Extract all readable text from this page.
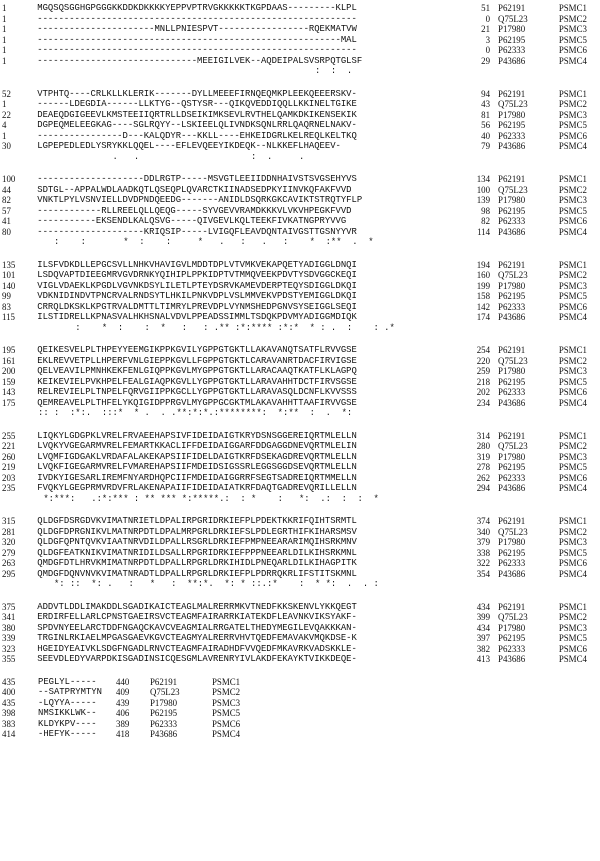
1	MGQSQSGGHGPGGGKKDDKDKKKKYEPPVPTRVGKKKKKTKGPDAAS---------KLPL	51 P62191	PSMC1
1	------------------------------------------------------------	0 Q75L23	PSMC2
1	----------------------MNLLPNIESPVT-----------------RQEKMATVW	21 P17980	PSMC3
1	---------------------------------------------------------MAL	3 P62195	PSMC5
1	------------------------------------------------------------	0 P62333	PSMC6
1	------------------------------MEEIGILVEK--AQDEIPALSVSRPQTGLSF	29 P43686	PSMC4
:  :  .
52	VTPHTQ----CRLKLLKLERIK-------DYLLMEEEFIRNQEQMKPLEEKQEEERSKV-	94 P62191	PSMC1
1	------LDEGDIA------LLKTYG--QSTYSR---QIKQVEDDIQQLLKKINELTGIKE	43 Q75L23	PSMC2
22	DEAEQDGIGEEVLKMSTEEIIQRTRLLDSEIKIMKSEVLRVTHELQAMKDKIKENSEKIK	81 P17980	PSMC3
4	DGPEQMELEEGKAG----SGLRQYY--LSKIEELQLIVNDKSQNLRRLQAQRNELNAKV-	56 P62195	PSMC5
1	----------------D---KALQDYR---KKLL----EHKEIDGRLKELREQLKELTKQ	40 P62333	PSMC6
30	LGPEPEDLEDLYSRYKKLQQEL----EFLEVQEEYIKDEQK--NLKKEFLHAQEEV-	79 P43686	PSMC4
.   .                     :  .     .
100	--------------------DDLRGTP-----MSVGTLEEIIDDNHAIVSTSVGSEHYVS	134 P62191	PSMC1
44	SDTGL--APPALWDLAADKQTLQSEQPLQVARCTKIINADSEDPKYIINVKQFAKFVVD	100 Q75L23	PSMC2
82	VNKTLPYLVSNVIELLDVDPNDQEEDG-------ANIDLDSQRKGKCAVIKTSTRQTYFLP	139 P17980	PSMC3
57	------------RLLREELQLLQEQG-----SYVGEVVRAMDKKKVLVKVHPEGKFVVD	98 P62195	PSMC5
41	-----------EKSENDLKALQSVG-----QIVGEVLKQLTEEKFIVKATNGPRYVVG	82 P62333	PSMC6
80	--------------------KRIQSIP-----LVIGQFLEAVDQNTAIVGSTTGSNYYVR	114 P43686	PSMC4
:    :       *  :    :     *   .   :   .   :    *  :**  .  *
135	ILSFVDKDLLEPGCSVLLNHKVHAVIGVLMDDTDPLVTVMKVEKAPQETYADIGGLDNQI	194 P62191	PSMC1
101	LSDQVAPTDIEEGMRVGVDRNKYQIHIPLPPKIDPTVTMMQVEEKPDVTYSDVGGCKEQI	160 Q75L23	PSMC2
140	VIGLVDAEKLKPGDLVGVNKDSYLILETLPTEYDSRVKAMEVDERPTEQYSDIGGLDKQI	199 P17980	PSMC3
99	VDKNIDINDVTPNCRVALRNDSYTLHKILPNKVDPLVSLMMVEKVPDSTYEMIGGLDKQI	158 P62195	PSMC5
83	CRRQLDKSKLKPGTRVALDMTTLTIMRYLPREVDPLVYNMSHEDPGNVSYSEIGGLSEQI	142 P62333	PSMC6
115	ILSTIDRELLKPNASVALHKHSNALVDVLPPEADSSIMMLTSDQKPDVMYADIGGMDIQK	174 P43686	PSMC4
:    *  :    :  *   :   : .** :*:**** :*:*  * : .  :    : .*
195	QEIKESVELPLTHPEYYEEMGIKPPKGVILYGPPGTGKTLLAKAVANQTSATFLRVVGSE	254 P62191	PSMC1
161	EKLREVVETPLLHPERFVNLGIEPPKGVLLFGPPGTGKTLCARAVANRTDACFIRVIGSE	220 Q75L23	PSMC2
200	QELVEAVILPMNHKEKFENLGIQPPKGVLMYGPPGTGKTLLARACAAQTKATFLKLAGPQ	259 P17980	PSMC3
159	KEIKEVIELPVKHPELFEALGIAQPKGVLLYGPPGTGKTLLARAVAHHTDCTFIRVSGSE	218 P62195	PSMC5
143	RELREVIELPLTNPELFQRVGIIPPKGCLLYGPPGTGKTLLARAVASQLDCNFLKVVSSS	202 P62333	PSMC6
175	QEMREAVELPLTHFELYKQIGIDPPRGVLMYGPPGCGKTMLAKAVAHHTTAAFIRVVGSE	234 P43686	PSMC4
:: :  :*:.  :::*  * .  . .**:*:*.:********:  *:**  :  .  *:
255	LIQKYLGDGPKLVRELFRVAEEHAPSIVFIDEIDAIGTKRYDSNSGGEREIQRTMLELLN	314 P62191	PSMC1
221	LVQKYVGEGARMVRELFEMARTKKACLIFFDEIDAIGGARFDDGAGGDNEVQRTMLELIN	280 Q75L23	PSMC2
260	LVQMFIGDGAKLVRDAFALAKEKAPSIIFIDELDAIGTKRFDSEKAGDREVQRTMLELLN	319 P17980	PSMC3
219	LVQKFIGEGARMVRELFVMAREHAPSIIFMDEIDSIGSSRLEGGSGGDSEVQRTMLELLN	278 P62195	PSMC5
203	IVDKYIGESARLIREMFNYARDHQPCIIFMDEIDAIGGRRFSEGTSADREIQRTMMELLN	262 P62333	PSMC6
235	FVQKYLGEGPRMVRDVFRLAKENAPAIIFIDEIDAIATKRFDAQTGADREVQRILLELLN	294 P43686	PSMC4
*:***:   .:*:*** : ** *** *:*****.:  : *    :   *:  .:  :  :  *
315	QLDGFDSRGDVKVIMATNRIETLDPALIRPGRIDRKIEFPLPDEKTKKRIFQIHTSRMTL	374 P62191	PSMC1
281	QLDGFDPRGNIKVLMATNRPDTLDPALMRPGRLDRKIEFSLPDLEGRTHIFKIHARSMSV	340 Q75L23	PSMC2
320	QLDGFQPNTQVKVIAATNRVDILDPALLRSGRLDRKIEFPMPNEEARARIMQIHSRKMNV	379 P17980	PSMC3
279	QLDGFEATKNIKVIMATNRIDILDSALLRPGRIDRKIEFPPPNEEARLDILKIHSRKMNL	338 P62195	PSMC5
263	QMDGFDTLHRVKMIMATNRPDTLDPALLRPGRLDRKIHIDLPNEQARLDILKIHAGPITK	322 P62333	PSMC6
295	QMDGFDQNVNVKVIMATNRADTLDPALLRPGRLDRKIEFPLPDRRQKRLIFSTITSKMNL	354 P43686	PSMC4
*: ::  *: .   :   *   :  **:*.  *: * ::.:*    :  * *:  .  . :
375	ADDVTLDDLIMAKDDLSGADIKAICTEAGLMALRERRMKVTNEDFKKSKENVLYKKQEGT	434 P62191	PSMC1
341	ERDIRFELLARLCPNSTGAEIRSVCTEAGMFAIRARRKIATEKDFLEAVNKVIKSYAKF-	399 Q75L23	PSMC2
380	SPDVNYEELARCTDDFNGAQCKAVCVEAGMIALRRGATELTHEDYMEGILEVQAKKKAN-	434 P17980	PSMC3
339	TRGINLRKIAELMPGASGAEVKGVCTEAGMYALRERRVHVTQEDFEMAVAKVMQKDSE-K	397 P62195	PSMC5
323	HGEIDYEAIVKLSDGFNGADLRNVCTEAGMFAIRADHDFVVQEDFMKAVRKVADSKKLE-	382 P62333	PSMC6
355	SEEVDLEDYVARPDKISGADINSICQESGMLAVRENRYIVLAKDFEKAYKTVIKKDEQE-	413 P43686	PSMC4
435	PEGLYL-----	440	P62191	PSMC1
400	--SATPRYMTYN	409	Q75L23	PSMC2
435	-LQYYA-----	439	P17980	PSMC3
398	NMSIKKLWK--	406	P62195	PSMC5
383	KLDYKPV----	389	P62333	PSMC6
414	-HEFYK-----	418	P43686	PSMC4
